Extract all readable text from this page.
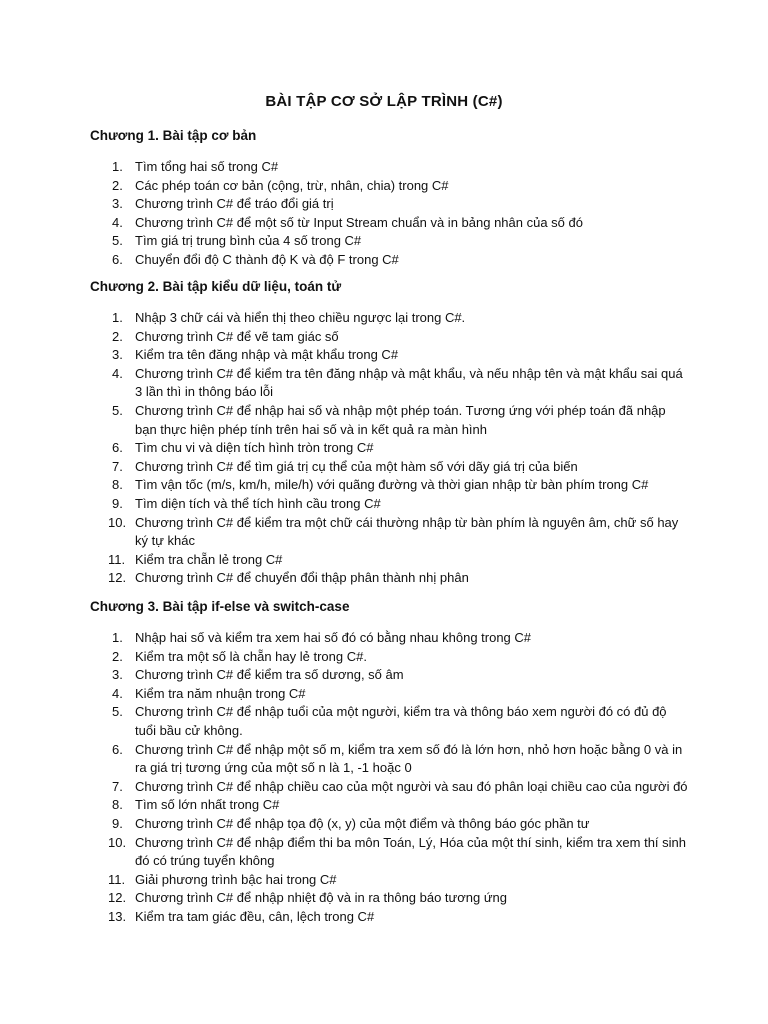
BÀI TẬP CƠ SỞ LẬP TRÌNH (C#)
Chương 1. Bài tập cơ bản
1. Tìm tổng hai số trong C#
2. Các phép toán cơ bản (cộng, trừ, nhân, chia) trong C#
3. Chương trình C# để tráo đổi giá trị
4. Chương trình C# để một số từ Input Stream chuẩn và in bảng nhân của số đó
5. Tìm giá trị trung bình của 4 số trong C#
6. Chuyển đổi độ C thành độ K và độ F trong C#
Chương 2. Bài tập kiểu dữ liệu, toán tử
1. Nhập 3 chữ cái và hiển thị theo chiều ngược lại trong C#.
2. Chương trình C# để vẽ tam giác số
3. Kiểm tra tên đăng nhập và mật khẩu trong C#
4. Chương trình C# để kiểm tra tên đăng nhập và mật khẩu, và nếu nhập tên và mật khẩu sai quá 3 lần thì in thông báo lỗi
5. Chương trình C# để nhập hai số và nhập một phép toán. Tương ứng với phép toán đã nhập bạn thực hiện phép tính trên hai số và in kết quả ra màn hình
6. Tìm chu vi và diện tích hình tròn trong C#
7. Chương trình C# để tìm giá trị cụ thể của một hàm số với dãy giá trị của biến
8. Tìm vận tốc (m/s, km/h, mile/h) với quãng đường và thời gian nhập từ bàn phím trong C#
9. Tìm diện tích và thể tích hình cầu trong C#
10. Chương trình C# để kiểm tra một chữ cái thường nhập từ bàn phím là nguyên âm, chữ số hay ký tự khác
11. Kiểm tra chẵn lẻ trong C#
12. Chương trình C# để chuyển đổi thập phân thành nhị phân
Chương 3. Bài tập if-else và switch-case
1. Nhập hai số và kiểm tra xem hai số đó có bằng nhau không trong C#
2. Kiểm tra một số là chẵn hay lẻ trong C#.
3. Chương trình C# để kiểm tra số dương, số âm
4. Kiểm tra năm nhuận trong C#
5. Chương trình C# để nhập tuổi của một người, kiểm tra và thông báo xem người đó có đủ độ tuổi bầu cử không.
6. Chương trình C# để nhập một số m, kiểm tra xem số đó là lớn hơn, nhỏ hơn hoặc bằng 0 và in ra giá trị tương ứng của một số n là 1, -1 hoặc 0
7. Chương trình C# để nhập chiều cao của một người và sau đó phân loại chiều cao của người đó
8. Tìm số lớn nhất trong C#
9. Chương trình C# để nhập tọa độ (x, y) của một điểm và thông báo góc phần tư
10. Chương trình C# để nhập điểm thi ba môn Toán, Lý, Hóa của một thí sinh, kiểm tra xem thí sinh đó có trúng tuyển không
11. Giải phương trình bậc hai trong C#
12. Chương trình C# để nhập nhiệt độ và in ra thông báo tương ứng
13. Kiểm tra tam giác đều, cân, lệch trong C#
